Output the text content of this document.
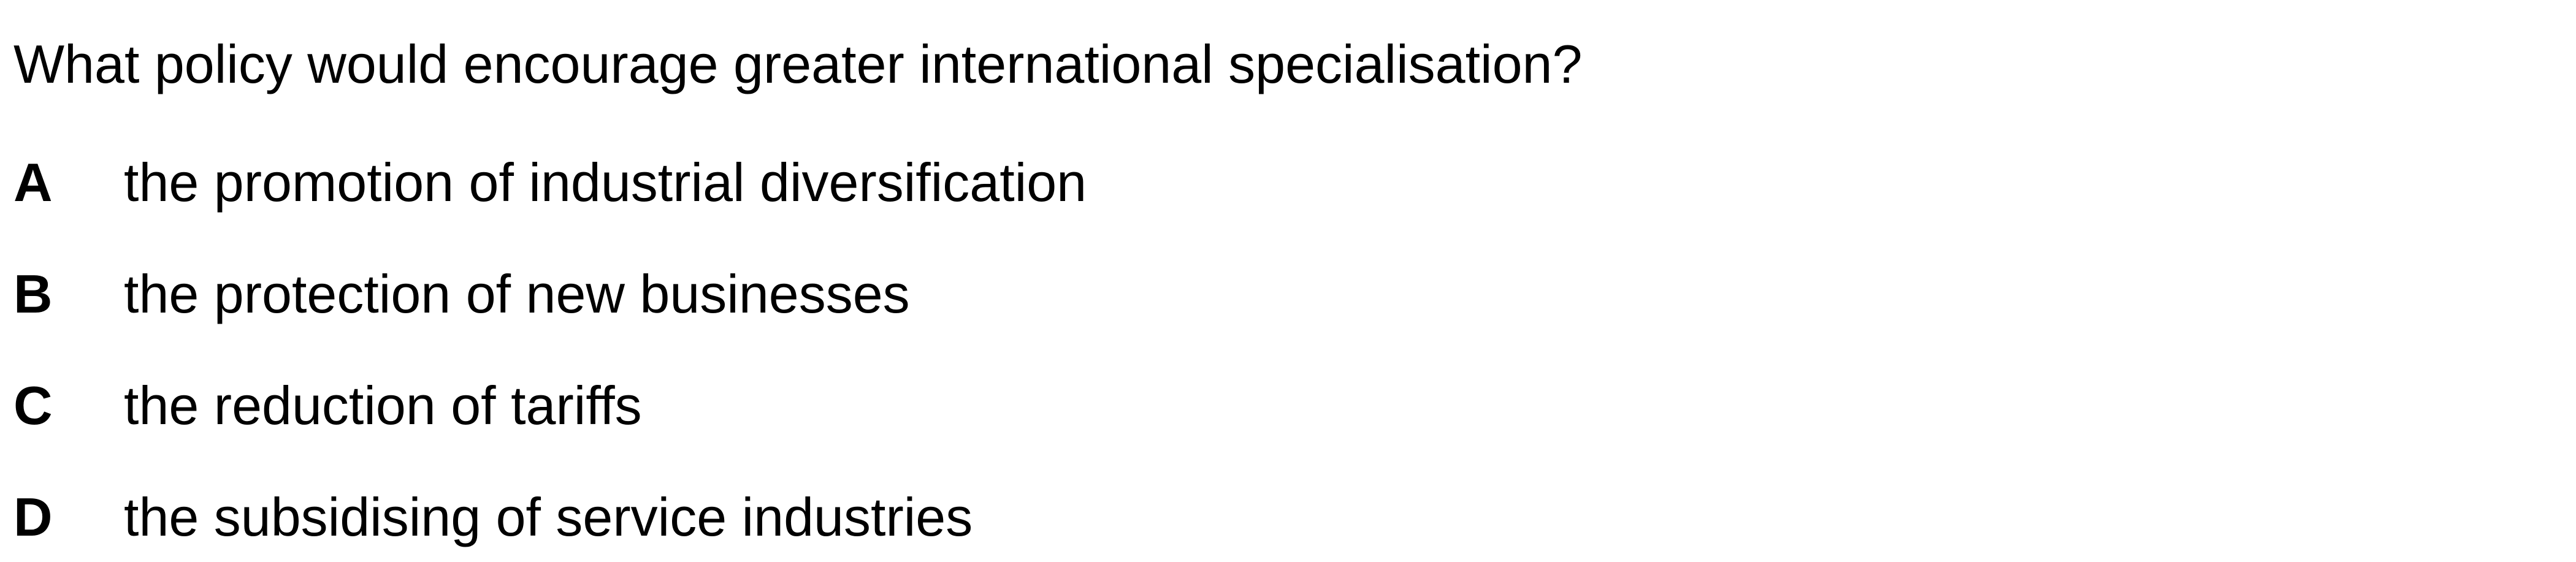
What policy would encourage greater international specialisation?
A the promotion of industrial diversification
B the protection of new businesses
C the reduction of tariffs
D the subsidising of service industries
